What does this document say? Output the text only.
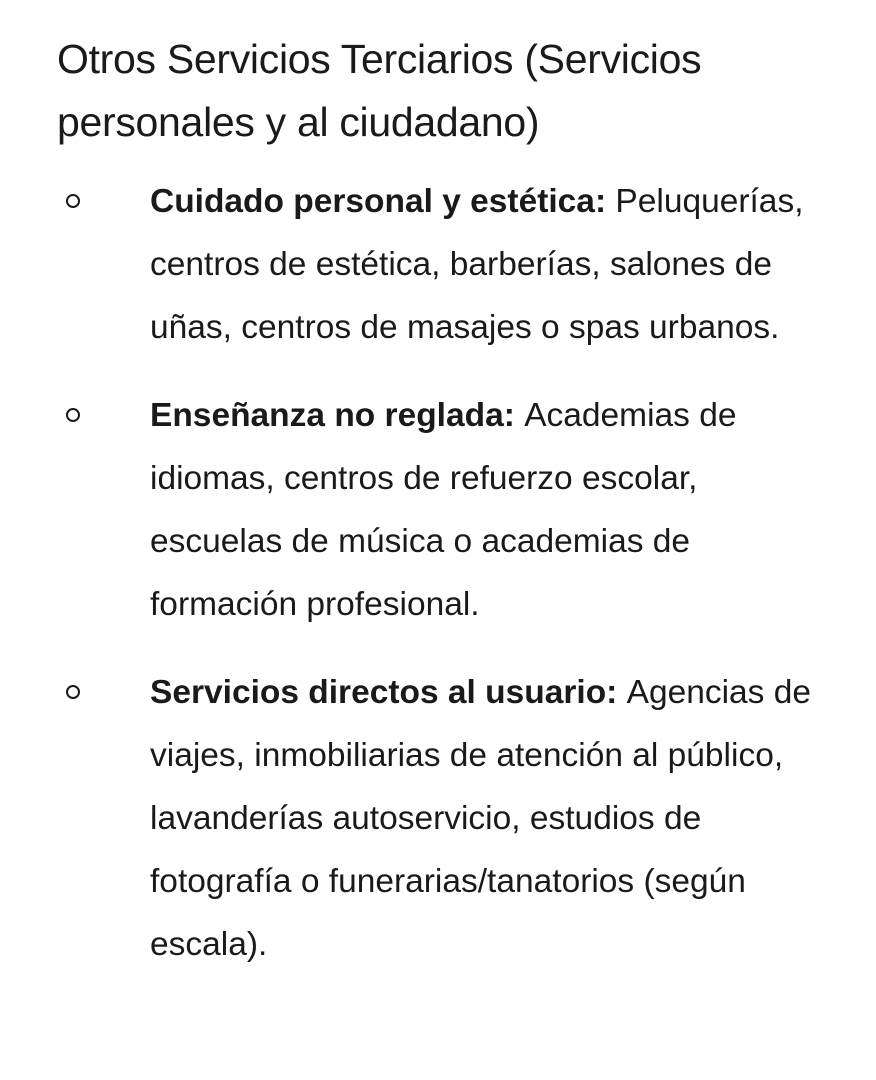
Otros Servicios Terciarios (Servicios personales y al ciudadano)
Cuidado personal y estética: Peluquerías, centros de estética, barberías, salones de uñas, centros de masajes o spas urbanos.
Enseñanza no reglada: Academias de idiomas, centros de refuerzo escolar, escuelas de música o academias de formación profesional.
Servicios directos al usuario: Agencias de viajes, inmobiliarias de atención al público, lavanderías autoservicio, estudios de fotografía o funerarias/tanatorios (según escala).
